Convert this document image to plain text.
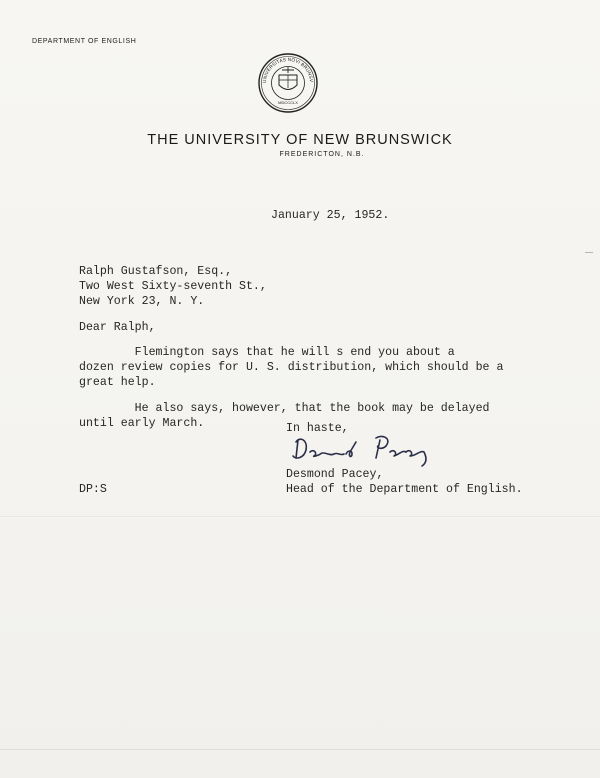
DEPARTMENT OF ENGLISH
UNIVERSITAS NOVI BRUNSV
MDCCCLX
THE UNIVERSITY OF NEW BRUNSWICK
FREDERICTON, N.B.
January 25, 1952.
Ralph Gustafson, Esq.,
Two West Sixty-seventh St.,
New York 23, N. Y.
Dear Ralph,
Flemington says that he will s end you about a
dozen review copies for U. S. distribution, which should be a
great help.
He also says, however, that the book may be delayed
until early March.	In haste,
Desmond Pacey,
Head of the Department of English.
DP:S
